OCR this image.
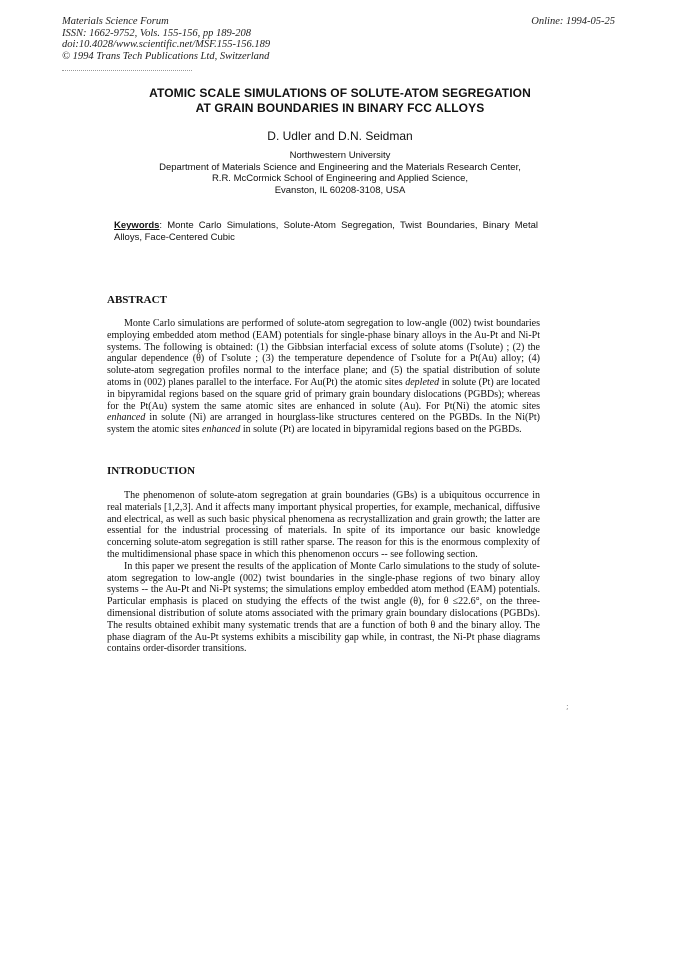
Materials Science Forum
ISSN: 1662-9752, Vols. 155-156, pp 189-208
doi:10.4028/www.scientific.net/MSF.155-156.189
© 1994 Trans Tech Publications Ltd, Switzerland
Online: 1994-05-25
ATOMIC SCALE SIMULATIONS OF SOLUTE-ATOM SEGREGATION
AT GRAIN BOUNDARIES IN BINARY FCC ALLOYS
D. Udler and D.N. Seidman
Northwestern University
Department of Materials Science and Engineering and the Materials Research Center,
R.R. McCormick School of Engineering and Applied Science,
Evanston, IL 60208-3108, USA
Keywords: Monte Carlo Simulations, Solute-Atom Segregation, Twist Boundaries, Binary Metal Alloys, Face-Centered Cubic
ABSTRACT

Monte Carlo simulations are performed of solute-atom segregation to low-angle (002) twist boundaries employing embedded atom method (EAM) potentials for single-phase binary alloys in the Au-Pt and Ni-Pt systems. The following is obtained: (1) the Gibbsian interfacial excess of solute atoms (Γsolute) ; (2) the angular dependence (θ) of Γsolute ; (3) the temperature dependence of Γsolute for a Pt(Au) alloy; (4) solute-atom segregation profiles normal to the interface plane; and (5) the spatial distribution of solute atoms in (002) planes parallel to the interface. For Au(Pt) the atomic sites depleted in solute (Pt) are located in bipyramidal regions based on the square grid of primary grain boundary dislocations (PGBDs); whereas for the Pt(Au) system the same atomic sites are enhanced in solute (Au). For Pt(Ni) the atomic sites enhanced in solute (Ni) are arranged in hourglass-like structures centered on the PGBDs. In the Ni(Pt) system the atomic sites enhanced in solute (Pt) are located in bipyramidal regions based on the PGBDs.

INTRODUCTION

The phenomenon of solute-atom segregation at grain boundaries (GBs) is a ubiquitous occurrence in real materials [1,2,3]. And it affects many important physical properties, for example, mechanical, diffusive and electrical, as well as such basic physical phenomena as recrystallization and grain growth; the latter are essential for the industrial processing of materials. In spite of its importance our basic knowledge concerning solute-atom segregation is still rather sparse. The reason for this is the enormous complexity of the multidimensional phase space in which this phenomenon occurs -- see following section.

In this paper we present the results of the application of Monte Carlo simulations to the study of solute-atom segregation to low-angle (002) twist boundaries in the single-phase regions of two binary alloy systems -- the Au-Pt and Ni-Pt systems; the simulations employ embedded atom method (EAM) potentials. Particular emphasis is placed on studying the effects of the twist angle (θ), for θ ≤22.6°, on the three-dimensional distribution of solute atoms associated with the primary grain boundary dislocations (PGBDs). The results obtained exhibit many systematic trends that are a function of both θ and the binary alloy. The phase diagram of the Au-Pt systems exhibits a miscibility gap while, in contrast, the Ni-Pt phase diagrams contains order-disorder transitions.

;
